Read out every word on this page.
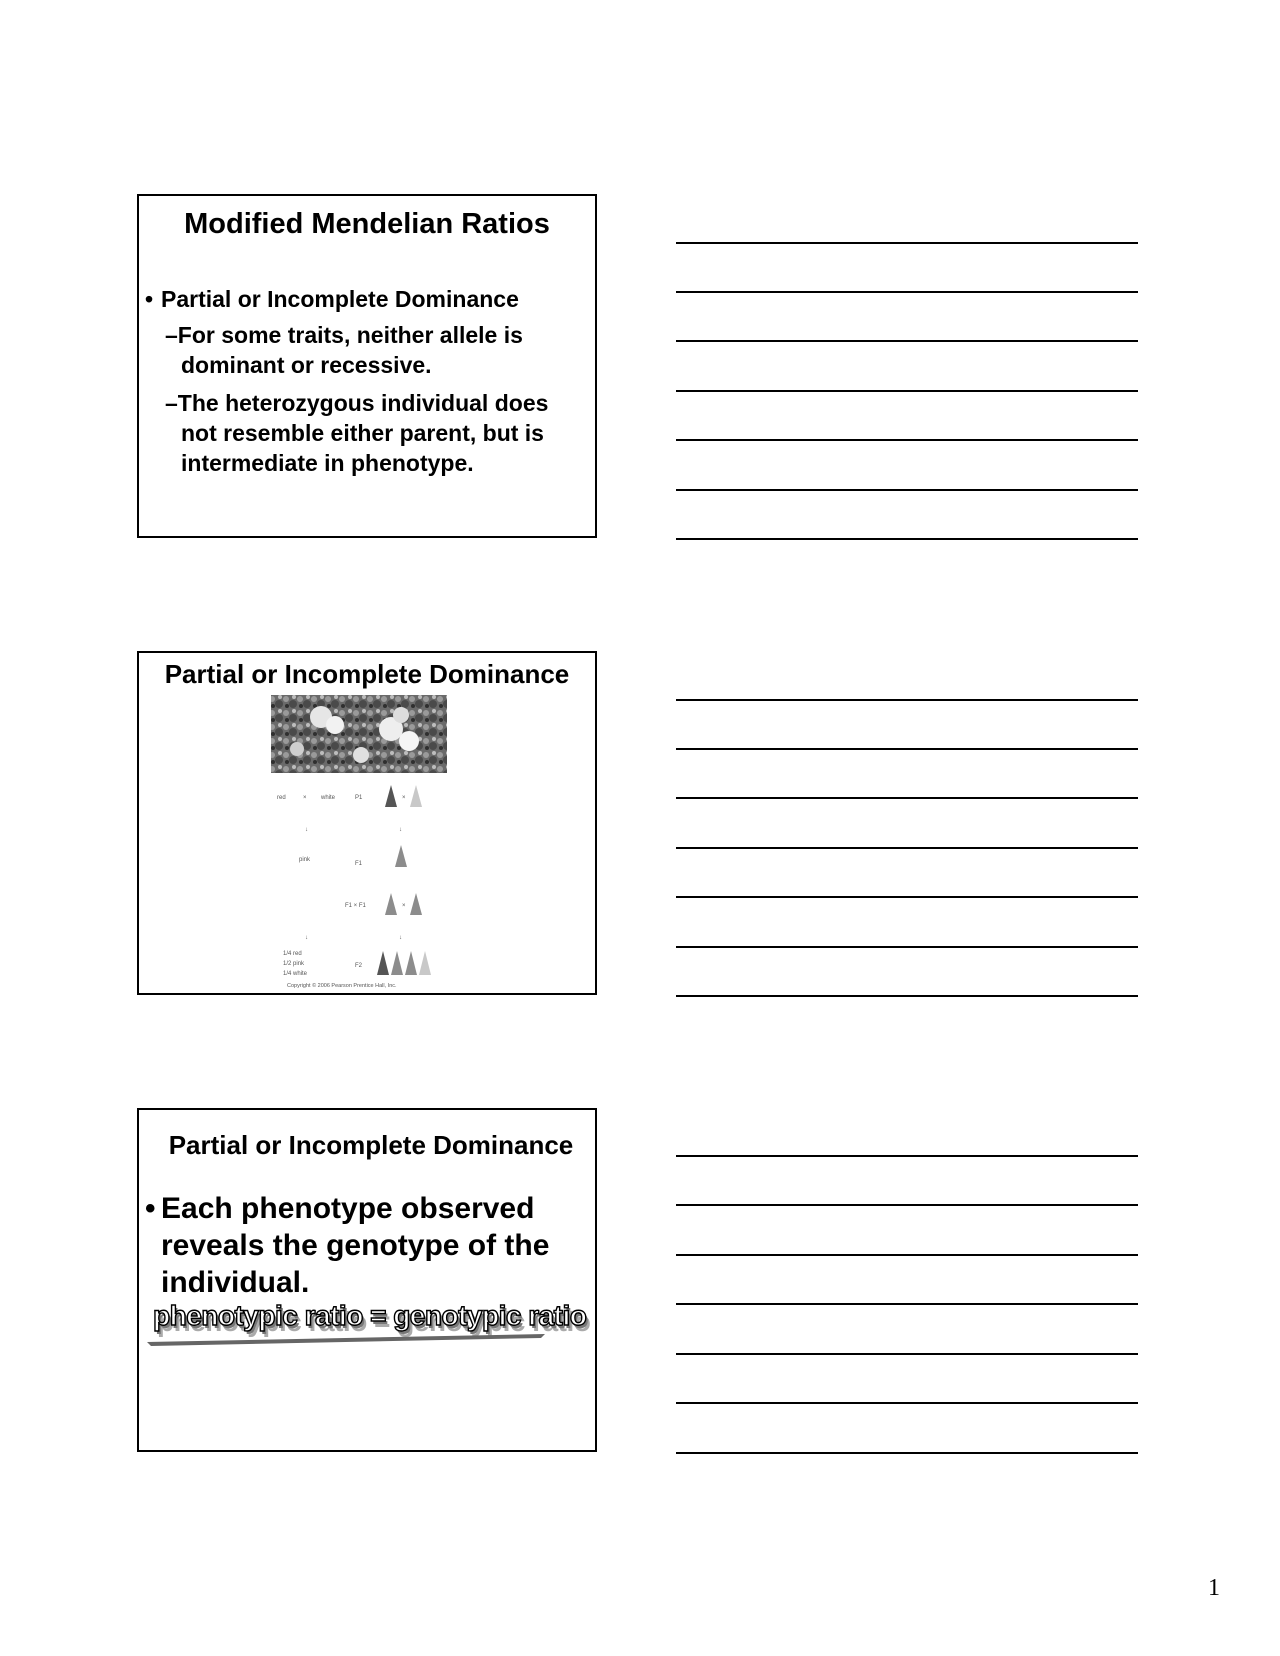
Modified Mendelian Ratios
• Partial or Incomplete Dominance
–For some traits, neither allele is dominant or recessive.
–The heterozygous individual does not resemble either parent, but is intermediate in phenotype.
Partial or Incomplete Dominance
red	× white	P1	×
↓	↓
pink
F1
F1 × F1	×
↓	↓
1/4 red
1/2 pink
1/4 white
F2
Copyright © 2006 Pearson Prentice Hall, Inc.
Partial or Incomplete Dominance
• Each phenotype observed reveals the genotype of the individual.
phenotypic ratio = genotypic ratio
1
